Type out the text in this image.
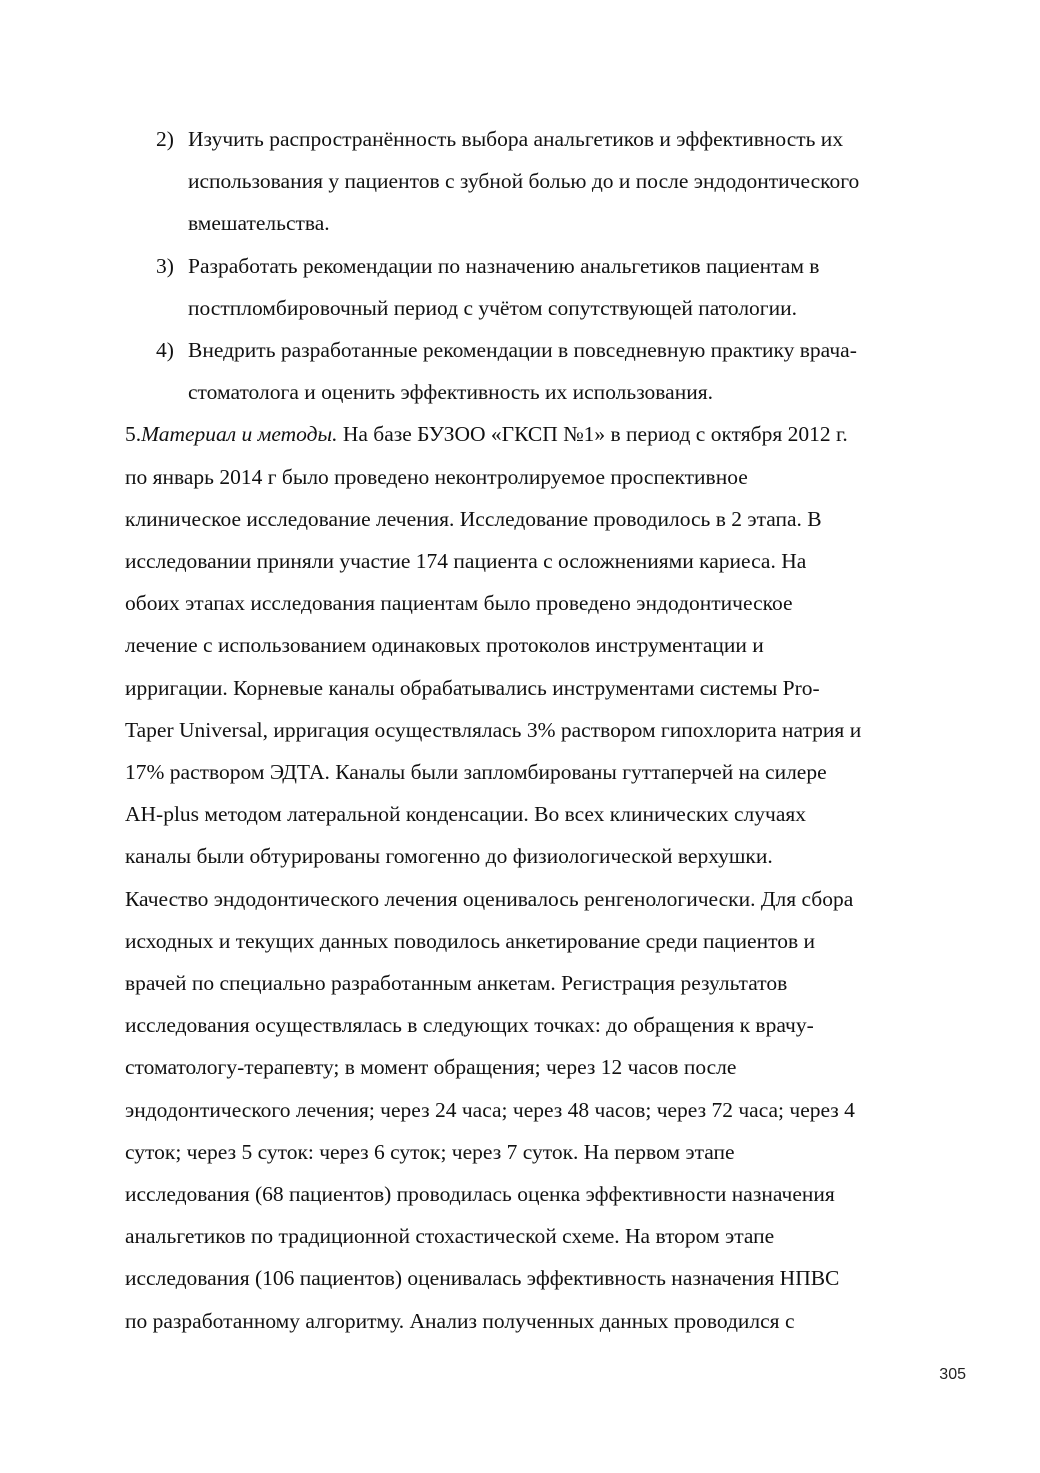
2) Изучить распространённость выбора анальгетиков и эффективность их
использования у пациентов с зубной болью до и после эндодонтического
вмешательства.
3) Разработать рекомендации по назначению анальгетиков пациентам в
постпломбировочный период с учётом сопутствующей патологии.
4) Внедрить разработанные рекомендации в повседневную практику врача-
стоматолога и оценить эффективность их использования.
5.Материал и методы. На базе БУЗОО «ГКСП №1» в период с октября 2012 г.
по январь 2014 г было проведено неконтролируемое проспективное
клиническое исследование лечения. Исследование проводилось в 2 этапа. В
исследовании приняли участие 174 пациента с осложнениями кариеса. На
обоих этапах исследования пациентам было проведено эндодонтическое
лечение с использованием одинаковых протоколов инструментации и
ирригации. Корневые каналы обрабатывались инструментами системы Pro-
Taper Universal, ирригация осуществлялась 3% раствором гипохлорита натрия и
17% раствором ЭДТА. Каналы были запломбированы гуттаперчей на силере
AH-plus методом латеральной конденсации. Во всех клинических случаях
каналы были обтурированы гомогенно до физиологической верхушки.
Качество эндодонтического лечения оценивалось ренгенологически. Для сбора
исходных и текущих данных поводилось анкетирование среди пациентов и
врачей по специально разработанным анкетам. Регистрация результатов
исследования осуществлялась в следующих точках: до обращения к врачу-
стоматологу-терапевту; в момент обращения; через 12 часов после
эндодонтического лечения; через 24 часа; через 48 часов; через 72 часа; через 4
суток; через 5 суток: через 6 суток; через 7 суток. На первом этапе
исследования (68 пациентов) проводилась оценка эффективности назначения
анальгетиков по традиционной стохастической схеме. На втором этапе
исследования (106 пациентов) оценивалась эффективность назначения НПВС
по разработанному алгоритму. Анализ полученных данных проводился с
305
